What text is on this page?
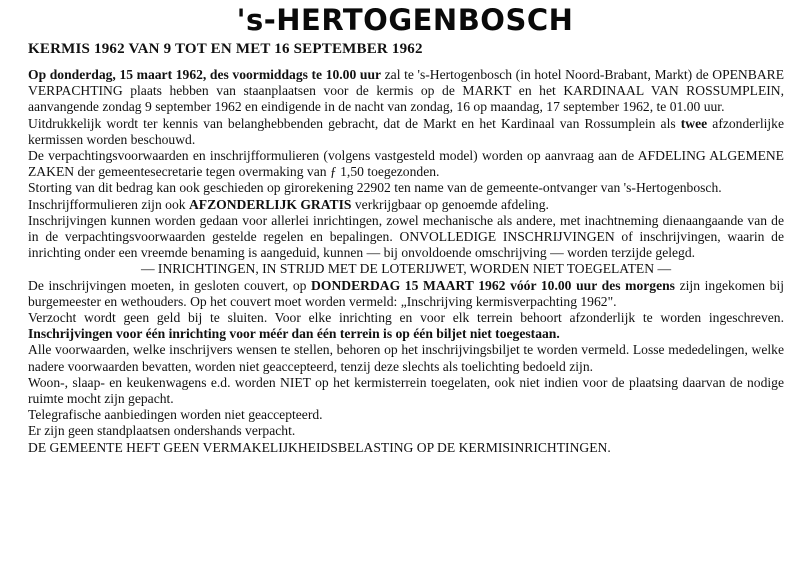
's-HERTOGENBOSCH
KERMIS 1962 VAN 9 TOT EN MET 16 SEPTEMBER 1962

Op donderdag, 15 maart 1962, des voormiddags te 10.00 uur zal te 's-Hertogenbosch (in hotel Noord-Brabant, Markt) de OPENBARE VERPACHTING plaats hebben van staanplaatsen voor de kermis op de MARKT en het KARDINAAL VAN ROSSUMPLEIN, aanvangende zondag 9 september 1962 en eindigende in de nacht van zondag, 16 op maandag, 17 september 1962, te 01.00 uur.

Uitdrukkelijk wordt ter kennis van belanghebbenden gebracht, dat de Markt en het Kardinaal van Rossumplein als twee afzonderlijke kermissen worden beschouwd.

De verpachtingsvoorwaarden en inschrijfformulieren (volgens vastgesteld model) worden op aanvraag aan de AFDELING ALGEMENE ZAKEN der gemeentesecretarie tegen overmaking van ƒ 1,50 toegezonden.

Storting van dit bedrag kan ook geschieden op girorekening 22902 ten name van de gemeente-ontvanger van 's-Hertogenbosch.

Inschrijfformulieren zijn ook AFZONDERLIJK GRATIS verkrijgbaar op genoemde afdeling.

Inschrijvingen kunnen worden gedaan voor allerlei inrichtingen, zowel mechanische als andere, met inachtneming dienaangaande van de in de verpachtingsvoorwaarden gestelde regelen en bepalingen. ONVOLLEDIGE INSCHRIJVINGEN of inschrijvingen, waarin de inrichting onder een vreemde benaming is aangeduid, kunnen — bij onvoldoende omschrijving — worden terzijde gelegd.

— INRICHTINGEN, IN STRIJD MET DE LOTERIJWET, WORDEN NIET TOEGELATEN —

De inschrijvingen moeten, in gesloten couvert, op DONDERDAG 15 MAART 1962 vóór 10.00 uur des morgens zijn ingekomen bij burgemeester en wethouders. Op het couvert moet worden vermeld: „Inschrijving kermisverpachting 1962".

Verzocht wordt geen geld bij te sluiten. Voor elke inrichting en voor elk terrein behoort afzonderlijk te worden ingeschreven. Inschrijvingen voor één inrichting voor méér dan één terrein is op één biljet niet toegestaan.

Alle voorwaarden, welke inschrijvers wensen te stellen, behoren op het inschrijvingsbiljet te worden vermeld. Losse mededelingen, welke nadere voorwaarden bevatten, worden niet geaccepteerd, tenzij deze slechts als toelichting bedoeld zijn.

Woon-, slaap- en keukenwagens e.d. worden NIET op het kermisterrein toegelaten, ook niet indien voor de plaatsing daarvan de nodige ruimte mocht zijn gepacht.

Telegrafische aanbiedingen worden niet geaccepteerd.

Er zijn geen standplaatsen ondershands verpacht.

DE GEMEENTE HEFT GEEN VERMAKELIJKHEIDSBELASTING OP DE KERMISINRICHTINGEN.
